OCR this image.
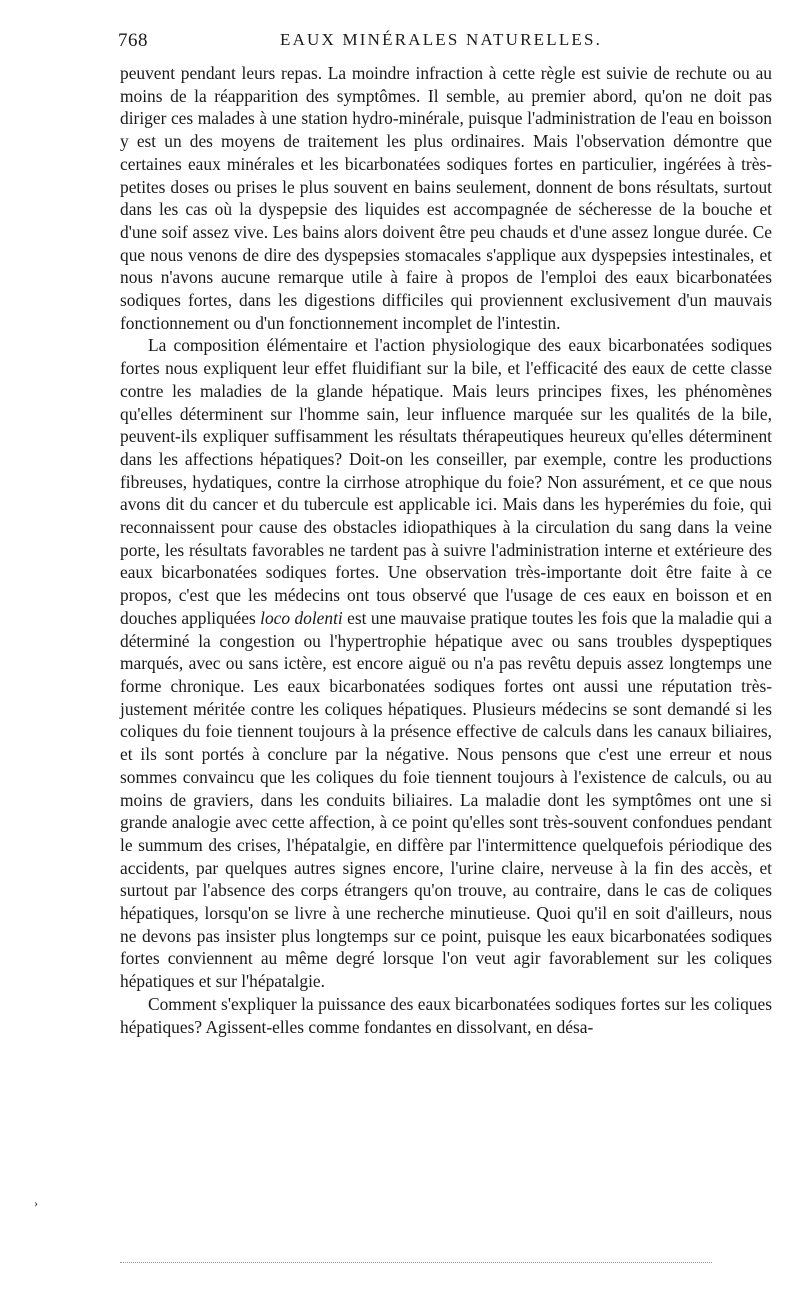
768	EAUX MINÉRALES NATURELLES.

peuvent pendant leurs repas. La moindre infraction à cette règle est suivie de rechute ou au moins de la réapparition des symptômes. Il semble, au premier abord, qu'on ne doit pas diriger ces malades à une station hydro-minérale, puisque l'administration de l'eau en boisson y est un des moyens de traitement les plus ordinaires. Mais l'observation démontre que certaines eaux minérales et les bicarbonatées sodiques fortes en particulier, ingérées à très-petites doses ou prises le plus souvent en bains seulement, donnent de bons résultats, surtout dans les cas où la dyspepsie des liquides est accompagnée de sécheresse de la bouche et d'une soif assez vive. Les bains alors doivent être peu chauds et d'une assez longue durée. Ce que nous venons de dire des dyspepsies stomacales s'applique aux dyspepsies intestinales, et nous n'avons aucune remarque utile à faire à propos de l'emploi des eaux bicarbonatées sodiques fortes, dans les digestions difficiles qui proviennent exclusivement d'un mauvais fonctionnement ou d'un fonctionnement incomplet de l'intestin.

La composition élémentaire et l'action physiologique des eaux bicarbonatées sodiques fortes nous expliquent leur effet fluidifiant sur la bile, et l'efficacité des eaux de cette classe contre les maladies de la glande hépatique. Mais leurs principes fixes, les phénomènes qu'elles déterminent sur l'homme sain, leur influence marquée sur les qualités de la bile, peuvent-ils expliquer suffisamment les résultats thérapeutiques heureux qu'elles déterminent dans les affections hépatiques? Doit-on les conseiller, par exemple, contre les productions fibreuses, hydatiques, contre la cirrhose atrophique du foie? Non assurément, et ce que nous avons dit du cancer et du tubercule est applicable ici. Mais dans les hyperémies du foie, qui reconnaissent pour cause des obstacles idiopathiques à la circulation du sang dans la veine porte, les résultats favorables ne tardent pas à suivre l'administration interne et extérieure des eaux bicarbonatées sodiques fortes. Une observation très-importante doit être faite à ce propos, c'est que les médecins ont tous observé que l'usage de ces eaux en boisson et en douches appliquées loco dolenti est une mauvaise pratique toutes les fois que la maladie qui a déterminé la congestion ou l'hypertrophie hépatique avec ou sans troubles dyspeptiques marqués, avec ou sans ictère, est encore aiguë ou n'a pas revêtu depuis assez longtemps une forme chronique. Les eaux bicarbonatées sodiques fortes ont aussi une réputation très-justement méritée contre les coliques hépatiques. Plusieurs médecins se sont demandé si les coliques du foie tiennent toujours à la présence effective de calculs dans les canaux biliaires, et ils sont portés à conclure par la négative. Nous pensons que c'est une erreur et nous sommes convaincu que les coliques du foie tiennent toujours à l'existence de calculs, ou au moins de graviers, dans les conduits biliaires. La maladie dont les symptômes ont une si grande analogie avec cette affection, à ce point qu'elles sont très-souvent confondues pendant le summum des crises, l'hépatalgie, en diffère par l'intermittence quelquefois périodique des accidents, par quelques autres signes encore, l'urine claire, nerveuse à la fin des accès, et surtout par l'absence des corps étrangers qu'on trouve, au contraire, dans le cas de coliques hépatiques, lorsqu'on se livre à une recherche minutieuse. Quoi qu'il en soit d'ailleurs, nous ne devons pas insister plus longtemps sur ce point, puisque les eaux bicarbonatées sodiques fortes conviennent au même degré lorsque l'on veut agir favorablement sur les coliques hépatiques et sur l'hépatalgie.

Comment s'expliquer la puissance des eaux bicarbonatées sodiques fortes sur les coliques hépatiques? Agissent-elles comme fondantes en dissolvant, en désa-

›
